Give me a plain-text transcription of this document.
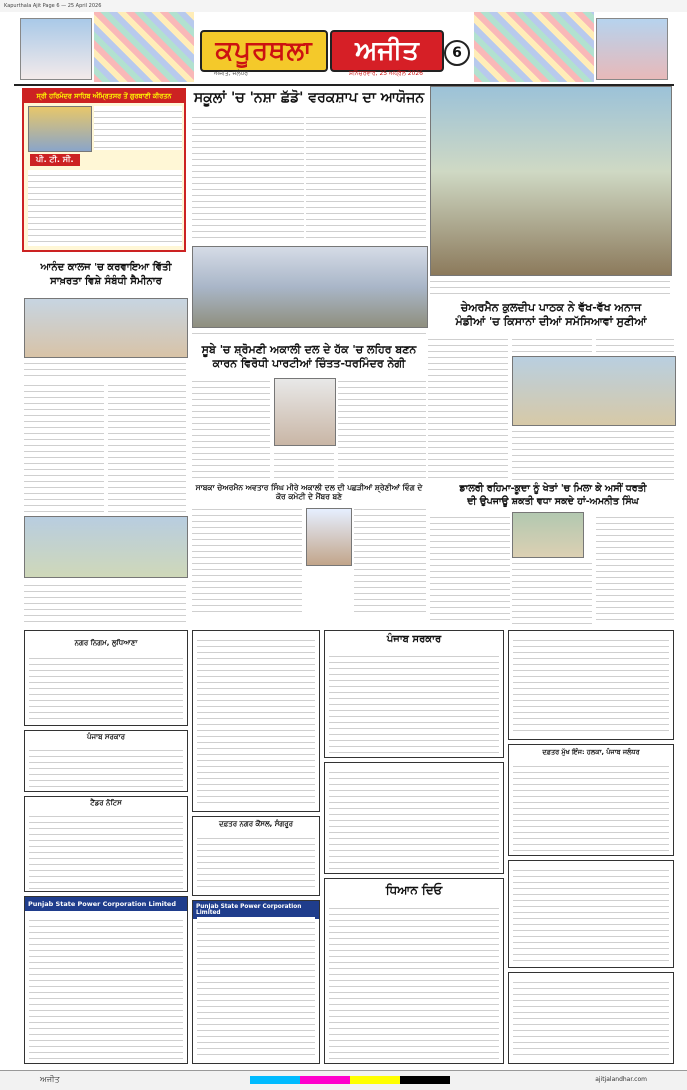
Kapurthala Ajit Page 6 — 25 April 2026
ਕਪੂਰਥਲਾ	ਅਜੀਤ
ਅਜੀਤ, ਜਲੰਧਰ	ਸ਼ਨਿੱਚਰਵਾਰ, 25 ਅਪ੍ਰੈਲ 2026
6
ਸ੍ਰੀ ਹਰਿਮੰਦਰ ਸਾਹਿਬ ਅੰਮ੍ਰਿਤਸਰ ਤੋਂ ਗੁਰਬਾਣੀ ਕੀਰਤਨ
ਪੀ. ਟੀ. ਸੀ.
ਸਕੂਲਾਂ 'ਚ 'ਨਸ਼ਾ ਛੱਡੋ' ਵਰਕਸ਼ਾਪ ਦਾ ਆਯੋਜਨ
ਚੇਅਰਮੈਨ ਕੁਲਦੀਪ ਪਾਠਕ ਨੇ ਵੱਖ-ਵੱਖ ਅਨਾਜ
ਮੰਡੀਆਂ 'ਚ ਕਿਸਾਨਾਂ ਦੀਆਂ ਸਮੱਸਿਆਵਾਂ ਸੁਣੀਆਂ
ਡਾਲਰੀ ਰਹਿਮਾ-ਕੂਦਾ ਨੂੰ ਖੇਤਾਂ 'ਚ ਮਿਲਾ ਕੇ ਅਸੀਂ ਧਰਤੀ
ਦੀ ਉਪਜਾਊ ਸ਼ਕਤੀ ਵਧਾ ਸਕਦੇ ਹਾਂ-ਅਮਨੀਤ ਸਿੰਘ
ਆਨੰਦ ਕਾਲਜ 'ਚ ਕਰਵਾਇਆ ਵਿੱਤੀ
ਸਾਖ਼ਰਤਾ ਵਿਸ਼ੇ ਸੰਬੰਧੀ ਸੈਮੀਨਾਰ
ਸੂਬੇ 'ਚ ਸ਼੍ਰੋਮਣੀ ਅਕਾਲੀ ਦਲ ਦੇ ਹੱਕ 'ਚ ਲਹਿਰ ਬਣਨ
ਕਾਰਨ ਵਿਰੋਧੀ ਪਾਰਟੀਆਂ ਚਿੰਤਤ-ਧਰਮਿੰਦਰ ਨੇਗੀ
ਸਾਬਕਾ ਚੇਅਰਮੈਨ ਅਵਤਾਰ ਸਿੰਘ ਮੀਰੇ ਅਕਾਲੀ ਦਲ ਦੀ ਪਛੜੀਆਂ ਸ਼੍ਰੇਣੀਆਂ ਵਿੰਗ ਦੇ ਕੋਰ ਕਮੇਟੀ ਦੇ ਮੈਂਬਰ ਬਣੇ
ਨਗਰ ਨਿਗਮ, ਲੁਧਿਆਣਾ
ਪੰਜਾਬ ਸਰਕਾਰ
ਟੈਂਡਰ ਨੋਟਿਸ
Punjab State Power Corporation Limited
ਦਫ਼ਤਰ ਨਗਰ ਕੌਂਸਲ, ਸੰਗਰੂਰ
Punjab State Power Corporation Limited
ਪੰਜਾਬ ਸਰਕਾਰ
ਧਿਆਨ ਦਿਓ
ਦਫ਼ਤਰ ਮੁੱਖ ਇੰਜ: ਹਲਕਾ, ਪੰਜਾਬ ਜਲੰਧਰ
ਅਜੀਤ	ajitjalandhar.com
